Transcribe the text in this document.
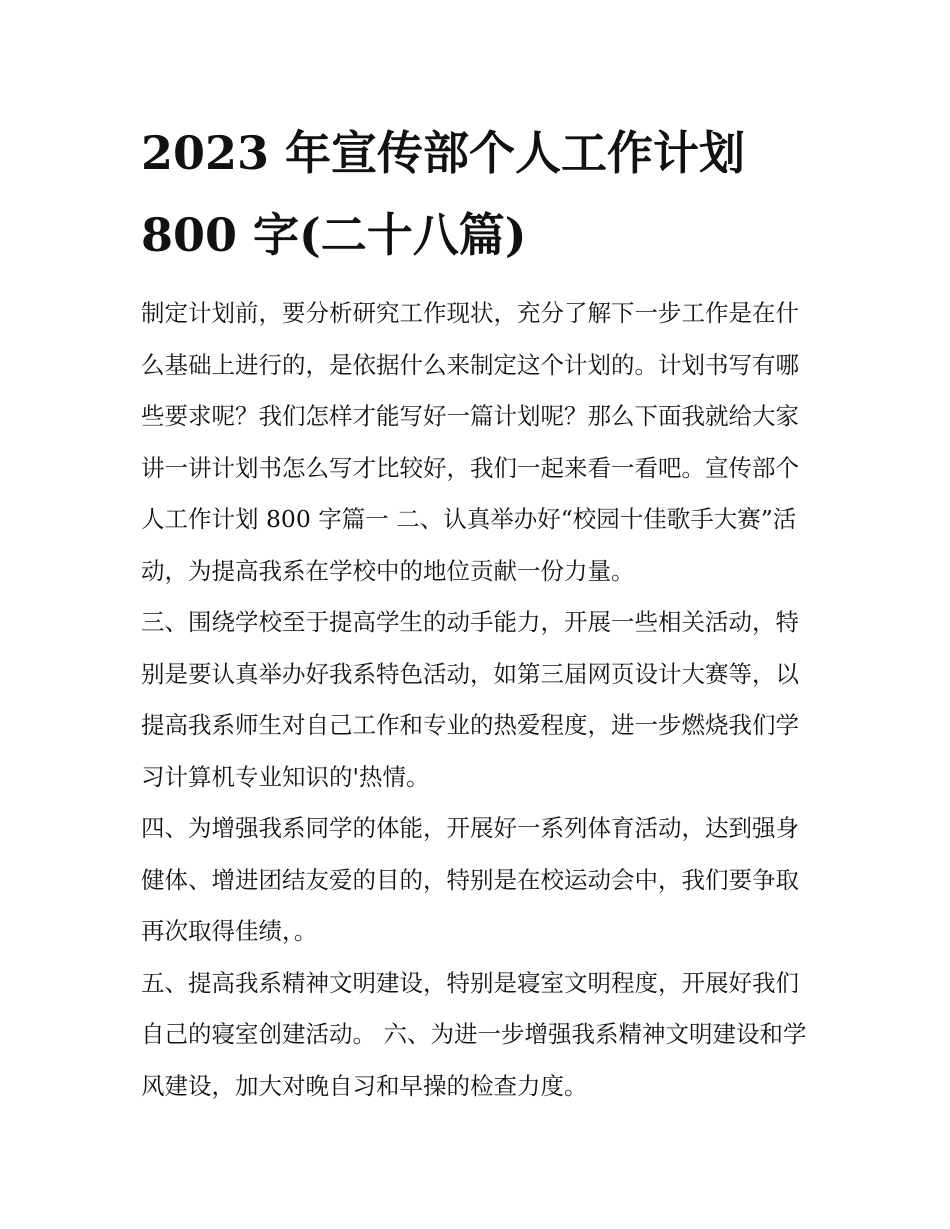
2023 年宣传部个人工作计划
800 字(二十八篇)

制定计划前，要分析研究工作现状，充分了解下一步工作是在什么基础上进行的，是依据什么来制定这个计划的。计划书写有哪些要求呢？我们怎样才能写好一篇计划呢？那么下面我就给大家讲一讲计划书怎么写才比较好，我们一起来看一看吧。宣传部个人工作计划 800 字篇一 二、认真举办好“校园十佳歌手大赛”活动，为提高我系在学校中的地位贡献一份力量。

三、围绕学校至于提高学生的动手能力，开展一些相关活动，特别是要认真举办好我系特色活动，如第三届网页设计大赛等，以提高我系师生对自己工作和专业的热爱程度，进一步燃烧我们学习计算机专业知识的'热情。

四、为增强我系同学的体能，开展好一系列体育活动，达到强身健体、增进团结友爱的目的，特别是在校运动会中，我们要争取再次取得佳绩，。

五、提高我系精神文明建设，特别是寝室文明程度，开展好我们自己的寝室创建活动。 六、为进一步增强我系精神文明建设和学风建设，加大对晚自习和早操的检查力度。
